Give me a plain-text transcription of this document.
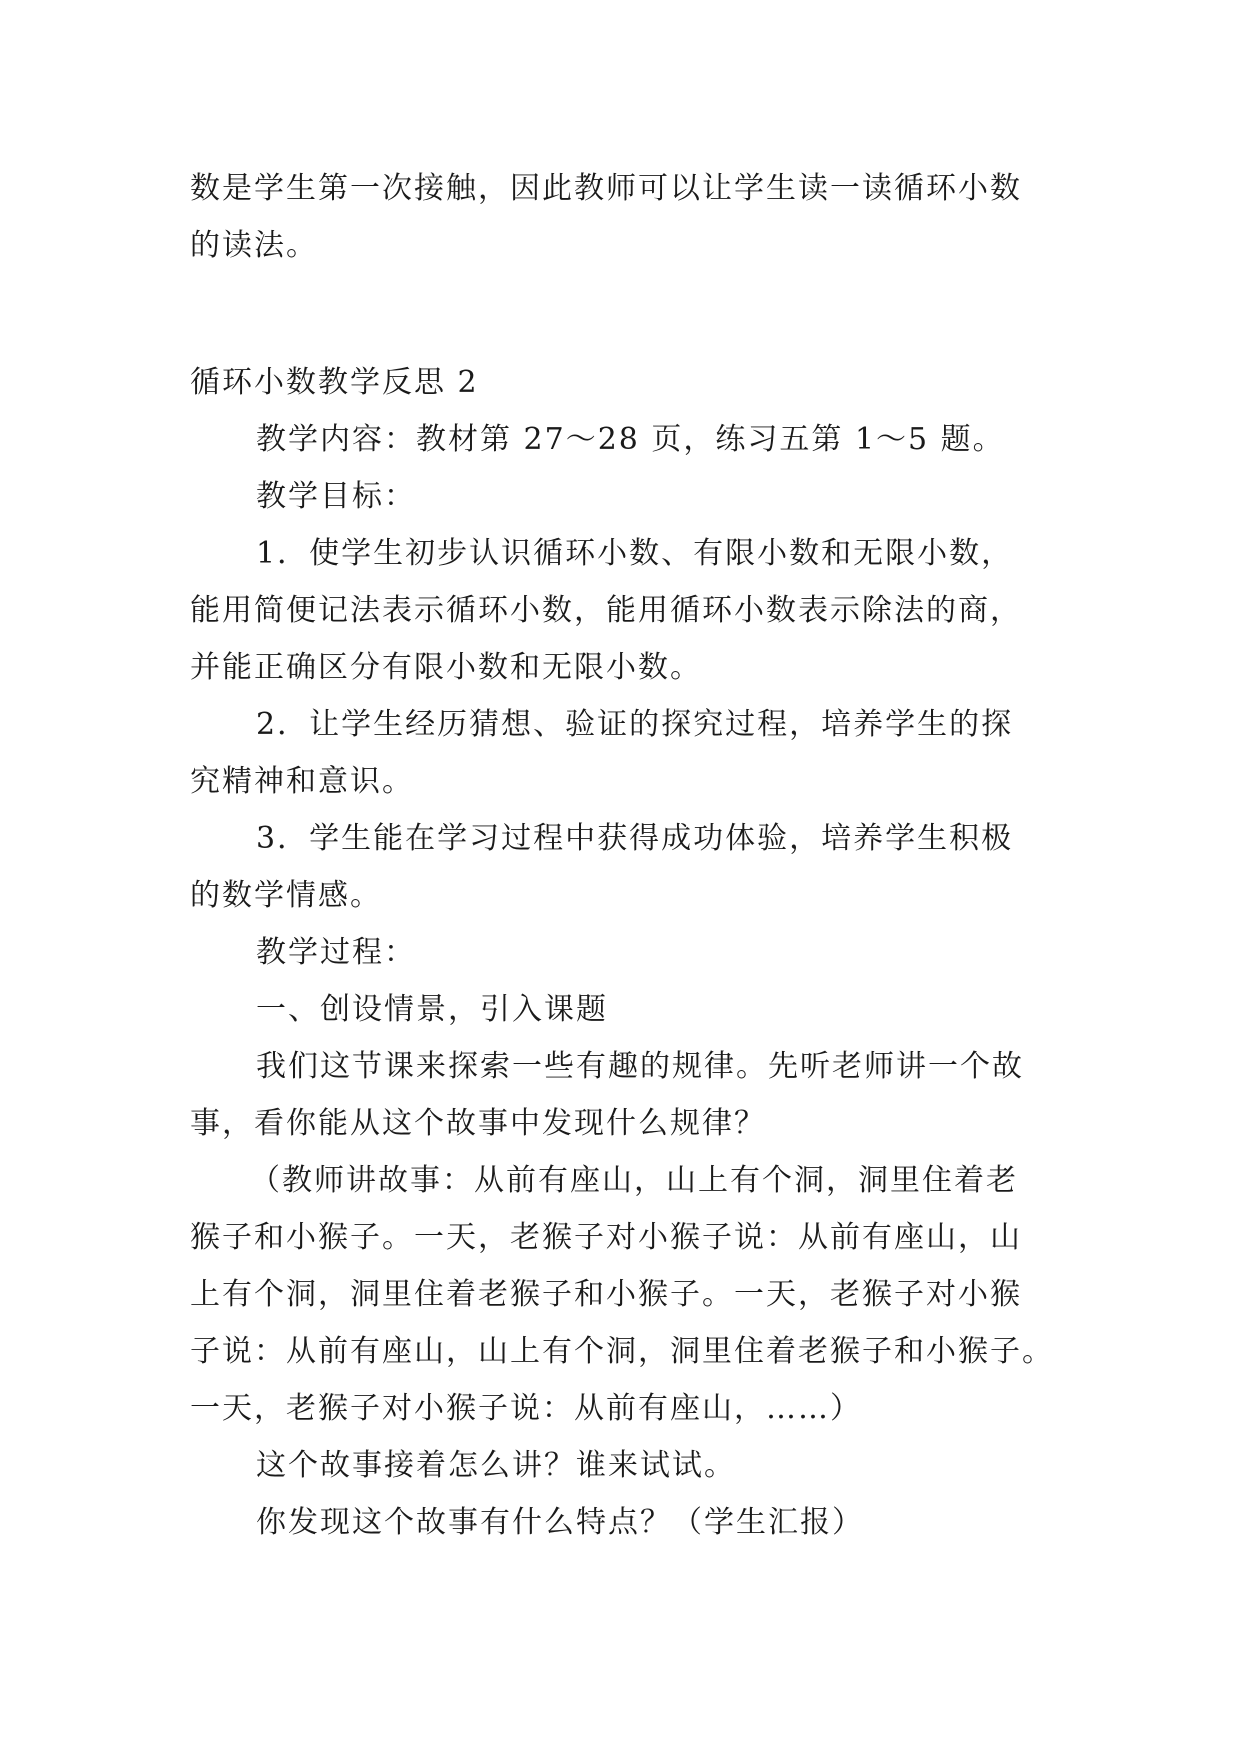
数是学生第一次接触，因此教师可以让学生读一读循环小数
的读法。
循环小数教学反思 2
教学内容：教材第 27～28 页，练习五第 1～5 题。
教学目标：
1．使学生初步认识循环小数、有限小数和无限小数，
能用简便记法表示循环小数，能用循环小数表示除法的商，
并能正确区分有限小数和无限小数。
2．让学生经历猜想、验证的探究过程，培养学生的探
究精神和意识。
3．学生能在学习过程中获得成功体验，培养学生积极
的数学情感。
教学过程：
一、创设情景，引入课题
我们这节课来探索一些有趣的规律。先听老师讲一个故
事，看你能从这个故事中发现什么规律？
（教师讲故事：从前有座山，山上有个洞，洞里住着老
猴子和小猴子。一天，老猴子对小猴子说：从前有座山，山
上有个洞，洞里住着老猴子和小猴子。一天，老猴子对小猴
子说：从前有座山，山上有个洞，洞里住着老猴子和小猴子。
一天，老猴子对小猴子说：从前有座山，……）
这个故事接着怎么讲？谁来试试。
你发现这个故事有什么特点？（学生汇报）
